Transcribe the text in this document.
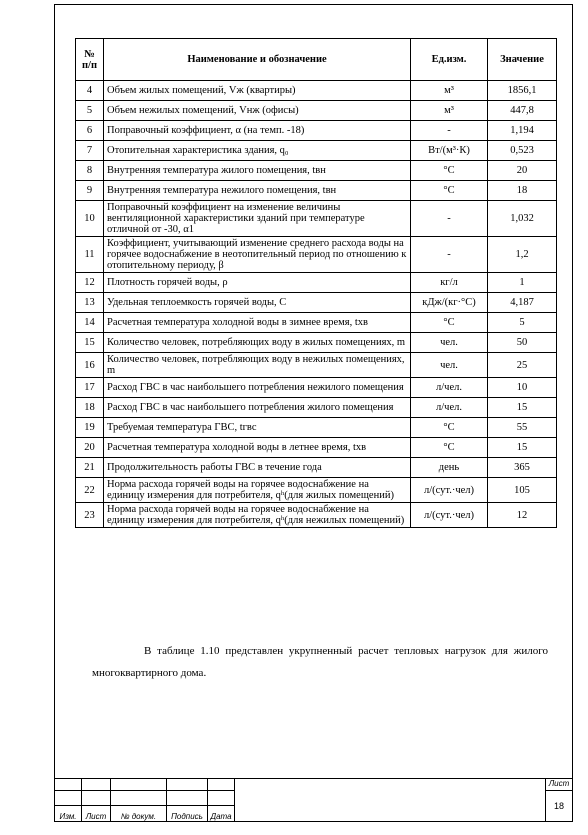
№ п/п	Наименование и обозначение	Ед.изм.	Значение
4	Объем жилых помещений, Vж (квартиры)	м³	1856,1
5	Объем нежилых помещений, Vнж (офисы)	м³	447,8
6	Поправочный коэффициент, α (на темп. -18)	-	1,194
7	Отопительная характеристика здания, q₀	Вт/(м³·К)	0,523
8	Внутренняя температура жилого помещения, tвн	°С	20
9	Внутренняя температура нежилого помещения, tвн	°С	18
10	Поправочный коэффициент на изменение величины вентиляционной характеристики зданий при температуре отличной от -30, α1	-	1,032
11	Коэффициент, учитывающий изменение среднего расхода воды на горячее водоснабжение в неотопительный период по отношению к отопительному периоду, β	-	1,2
12	Плотность горячей воды, ρ	кг/л	1
13	Удельная теплоемкость горячей воды, С	кДж/(кг·°С)	4,187
14	Расчетная температура холодной воды в зимнее время, tхв	°С	5
15	Количество человек, потребляющих воду в жилых помещениях, m	чел.	50
16	Количество человек, потребляющих воду в нежилых помещениях, m	чел.	25
17	Расход ГВС в час наибольшего потребления нежилого помещения	л/чел.	10
18	Расход ГВС в час наибольшего потребления жилого помещения	л/чел.	15
19	Требуемая температура ГВС, tгвс	°С	55
20	Расчетная температура холодной воды в летнее время, tхв	°С	15
21	Продолжительность работы ГВС в течение года	день	365
22	Норма расхода горячей воды на горячее водоснабжение на единицу измерения для потребителя, qʰ(для жилых помещений)	л/(сут.·чел)	105
23	Норма расхода горячей воды на горячее водоснабжение на единицу измерения для потребителя, qʰ(для нежилых помещений)	л/(сут.·чел)	12
В таблице 1.10 представлен укрупненный расчет тепловых нагрузок для жилого многоквартирного дома.
						Лист
						18
Изм.	Лист	№ докум.	Подпись	Дата		
